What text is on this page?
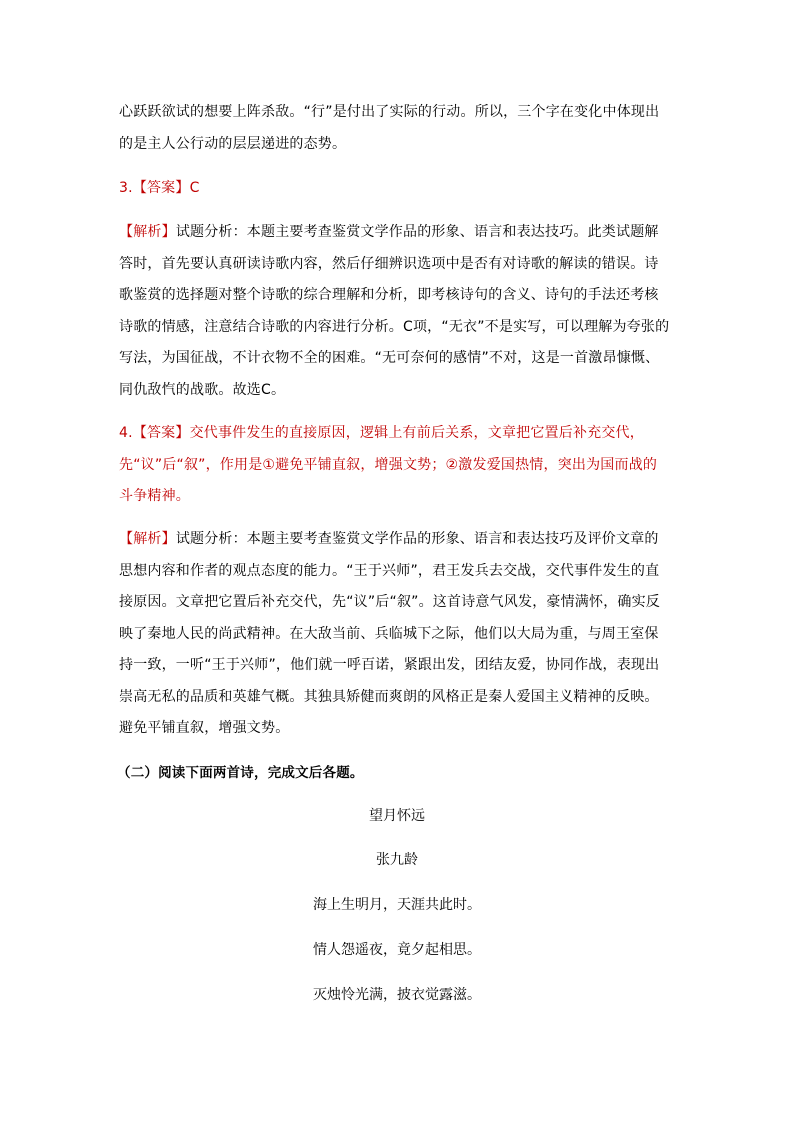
心跃跃欲试的想要上阵杀敌。“行”是付出了实际的行动。所以，三个字在变化中体现出的是主人公行动的层层递进的态势。

3.【答案】C

【解析】试题分析：本题主要考查鉴赏文学作品的形象、语言和表达技巧。此类试题解答时，首先要认真研读诗歌内容，然后仔细辨识选项中是否有对诗歌的解读的错误。诗歌鉴赏的选择题对整个诗歌的综合理解和分析，即考核诗句的含义、诗句的手法还考核诗歌的情感，注意结合诗歌的内容进行分析。C项，“无衣”不是实写，可以理解为夸张的写法，为国征战，不计衣物不全的困难。“无可奈何的感情”不对，这是一首激昂慷慨、同仇敌忾的战歌。故选C。

4.【答案】交代事件发生的直接原因，逻辑上有前后关系，文章把它置后补充交代，先“议”后“叙”，作用是①避免平铺直叙，增强文势；②激发爱国热情，突出为国而战的斗争精神。

【解析】试题分析：本题主要考查鉴赏文学作品的形象、语言和表达技巧及评价文章的思想内容和作者的观点态度的能力。“王于兴师”，君王发兵去交战，交代事件发生的直接原因。文章把它置后补充交代，先“议”后“叙”。这首诗意气风发，豪情满怀，确实反映了秦地人民的尚武精神。在大敌当前、兵临城下之际，他们以大局为重，与周王室保持一致，一听“王于兴师”，他们就一呼百诺，紧跟出发，团结友爱，协同作战，表现出崇高无私的品质和英雄气概。其独具矫健而爽朗的风格正是秦人爱国主义精神的反映。避免平铺直叙，增强文势。

（二）阅读下面两首诗，完成文后各题。

望月怀远

张九龄

海上生明月，天涯共此时。

情人怨遥夜，竟夕起相思。

灭烛怜光满，披衣觉露滋。
